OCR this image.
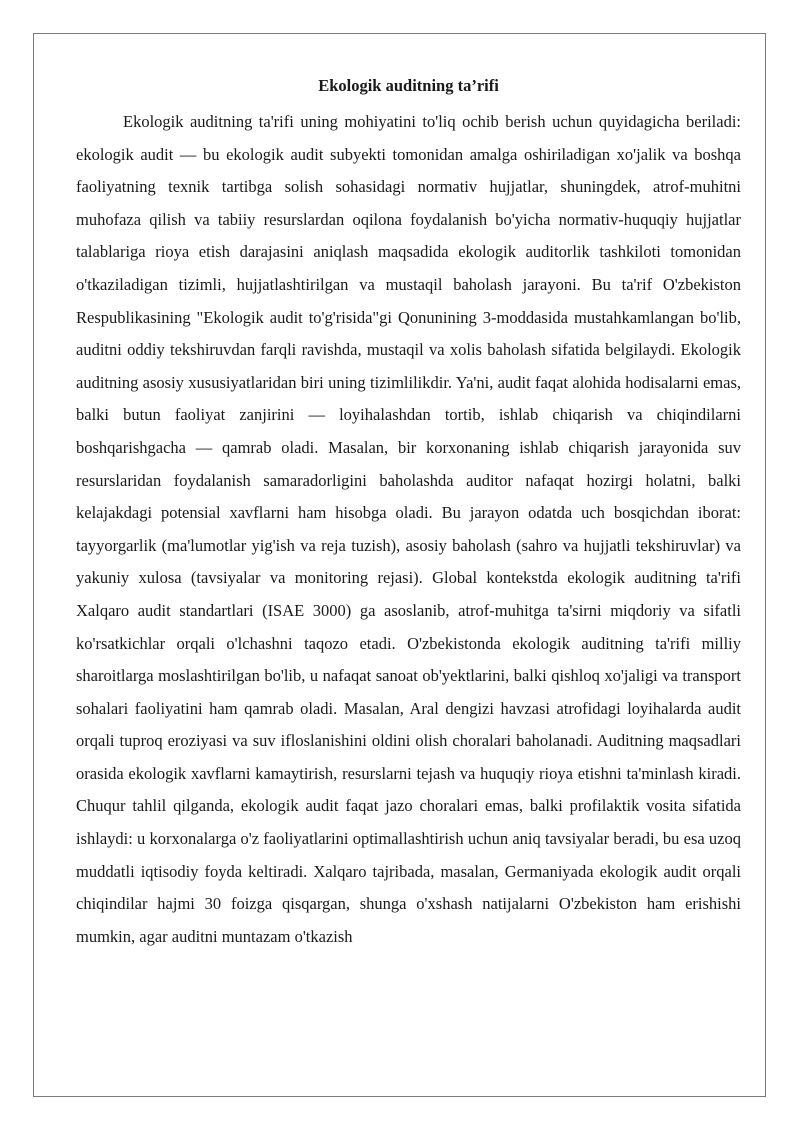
Ekologik auditning ta’rifi

Ekologik auditning ta'rifi uning mohiyatini to'liq ochib berish uchun quyidagicha beriladi: ekologik audit — bu ekologik audit subyekti tomonidan amalga oshiriladigan xo'jalik va boshqa faoliyatning texnik tartibga solish sohasidagi normativ hujjatlar, shuningdek, atrof-muhitni muhofaza qilish va tabiiy resurslardan oqilona foydalanish bo'yicha normativ-huquqiy hujjatlar talablariga rioya etish darajasini aniqlash maqsadida ekologik auditorlik tashkiloti tomonidan o'tkaziladigan tizimli, hujjatlashtirilgan va mustaqil baholash jarayoni. Bu ta'rif O'zbekiston Respublikasining "Ekologik audit to'g'risida"gi Qonunining 3-moddasida mustahkamlangan bo'lib, auditni oddiy tekshiruvdan farqli ravishda, mustaqil va xolis baholash sifatida belgilaydi. Ekologik auditning asosiy xususiyatlaridan biri uning tizimlilikdir. Ya'ni, audit faqat alohida hodisalarni emas, balki butun faoliyat zanjirini — loyihalashdan tortib, ishlab chiqarish va chiqindilarni boshqarishgacha — qamrab oladi. Masalan, bir korxonaning ishlab chiqarish jarayonida suv resurslaridan foydalanish samaradorligini baholashda auditor nafaqat hozirgi holatni, balki kelajakdagi potensial xavflarni ham hisobga oladi. Bu jarayon odatda uch bosqichdan iborat: tayyorgarlik (ma'lumotlar yig'ish va reja tuzish), asosiy baholash (sahro va hujjatli tekshiruvlar) va yakuniy xulosa (tavsiyalar va monitoring rejasi). Global kontekstda ekologik auditning ta'rifi Xalqaro audit standartlari (ISAE 3000) ga asoslanib, atrof-muhitga ta'sirni miqdoriy va sifatli ko'rsatkichlar orqali o'lchashni taqozo etadi. O'zbekistonda ekologik auditning ta'rifi milliy sharoitlarga moslashtirilgan bo'lib, u nafaqat sanoat ob'yektlarini, balki qishloq xo'jaligi va transport sohalari faoliyatini ham qamrab oladi. Masalan, Aral dengizi havzasi atrofidagi loyihalarda audit orqali tuproq eroziyasi va suv ifloslanishini oldini olish choralari baholanadi. Auditning maqsadlari orasida ekologik xavflarni kamaytirish, resurslarni tejash va huquqiy rioya etishni ta'minlash kiradi. Chuqur tahlil qilganda, ekologik audit faqat jazo choralari emas, balki profilaktik vosita sifatida ishlaydi: u korxonalarga o'z faoliyatlarini optimallashtirish uchun aniq tavsiyalar beradi, bu esa uzoq muddatli iqtisodiy foyda keltiradi. Xalqaro tajribada, masalan, Germaniyada ekologik audit orqali chiqindilar hajmi 30 foizga qisqargan, shunga o'xshash natijalarni O'zbekiston ham erishishi mumkin, agar auditni muntazam o'tkazish
